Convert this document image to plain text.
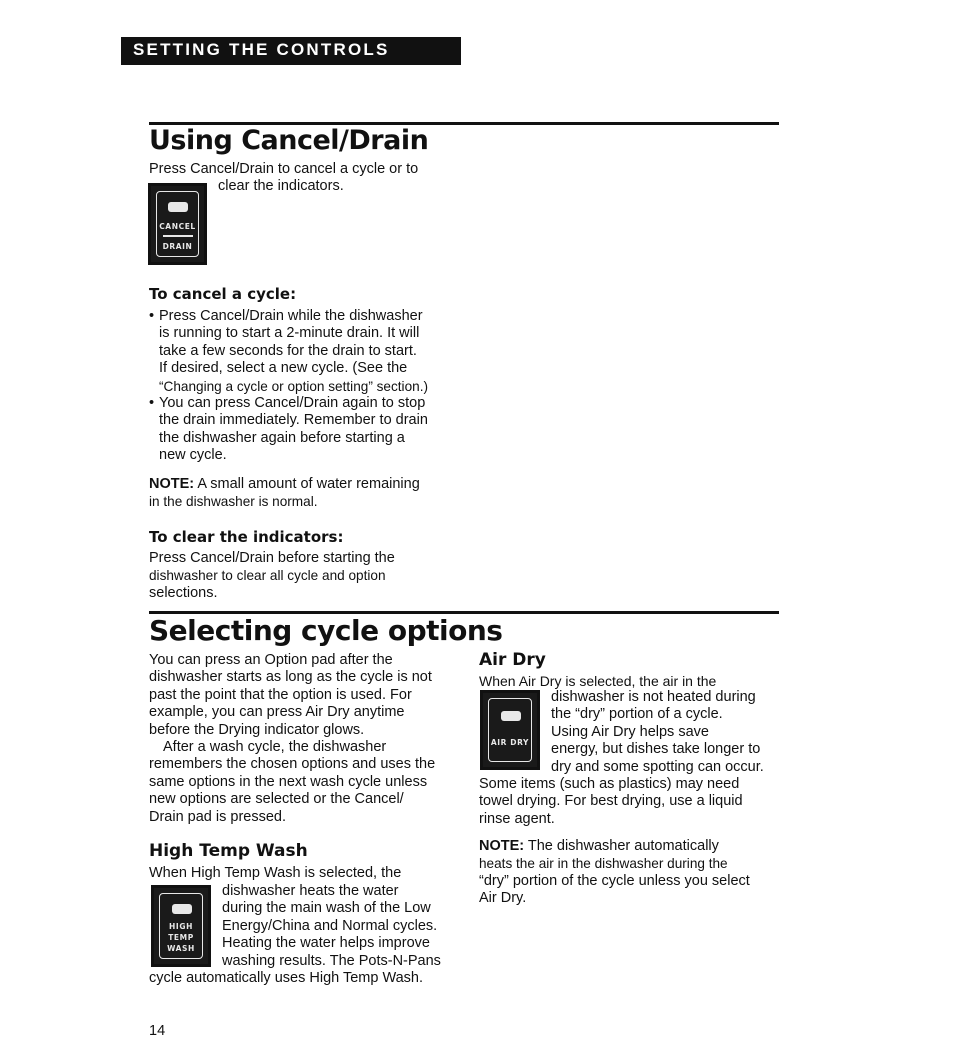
SETTING THE CONTROLS
Using Cancel/Drain
Press Cancel/Drain to cancel a cycle or to
clear the indicators.
CANCEL
DRAIN
To cancel a cycle:
• Press Cancel/Drain while the dishwasher
is running to start a 2-minute drain. It will
take a few seconds for the drain to start.
If desired, select a new cycle. (See the
“Changing a cycle or option setting” section.)
• You can press Cancel/Drain again to stop
the drain immediately. Remember to drain
the dishwasher again before starting a
new cycle.
NOTE: A small amount of water remaining
in the dishwasher is normal.
To clear the indicators:
Press Cancel/Drain before starting the
dishwasher to clear all cycle and option
selections.
Selecting cycle options
You can press an Option pad after the
dishwasher starts as long as the cycle is not
past the point that the option is used. For
example, you can press Air Dry anytime
before the Drying indicator glows.
After a wash cycle, the dishwasher
remembers the chosen options and uses the
same options in the next wash cycle unless
new options are selected or the Cancel/
Drain pad is pressed.
High Temp Wash
When High Temp Wash is selected, the
HIGH
TEMP
WASH
dishwasher heats the water
during the main wash of the Low
Energy/China and Normal cycles.
Heating the water helps improve
washing results. The Pots-N-Pans
cycle automatically uses High Temp Wash.
Air Dry
When Air Dry is selected, the air in the
AIR DRY
dishwasher is not heated during
the “dry” portion of a cycle.
Using Air Dry helps save
energy, but dishes take longer to
dry and some spotting can occur.
Some items (such as plastics) may need
towel drying. For best drying, use a liquid
rinse agent.
NOTE: The dishwasher automatically
heats the air in the dishwasher during the
“dry” portion of the cycle unless you select
Air Dry.
14
